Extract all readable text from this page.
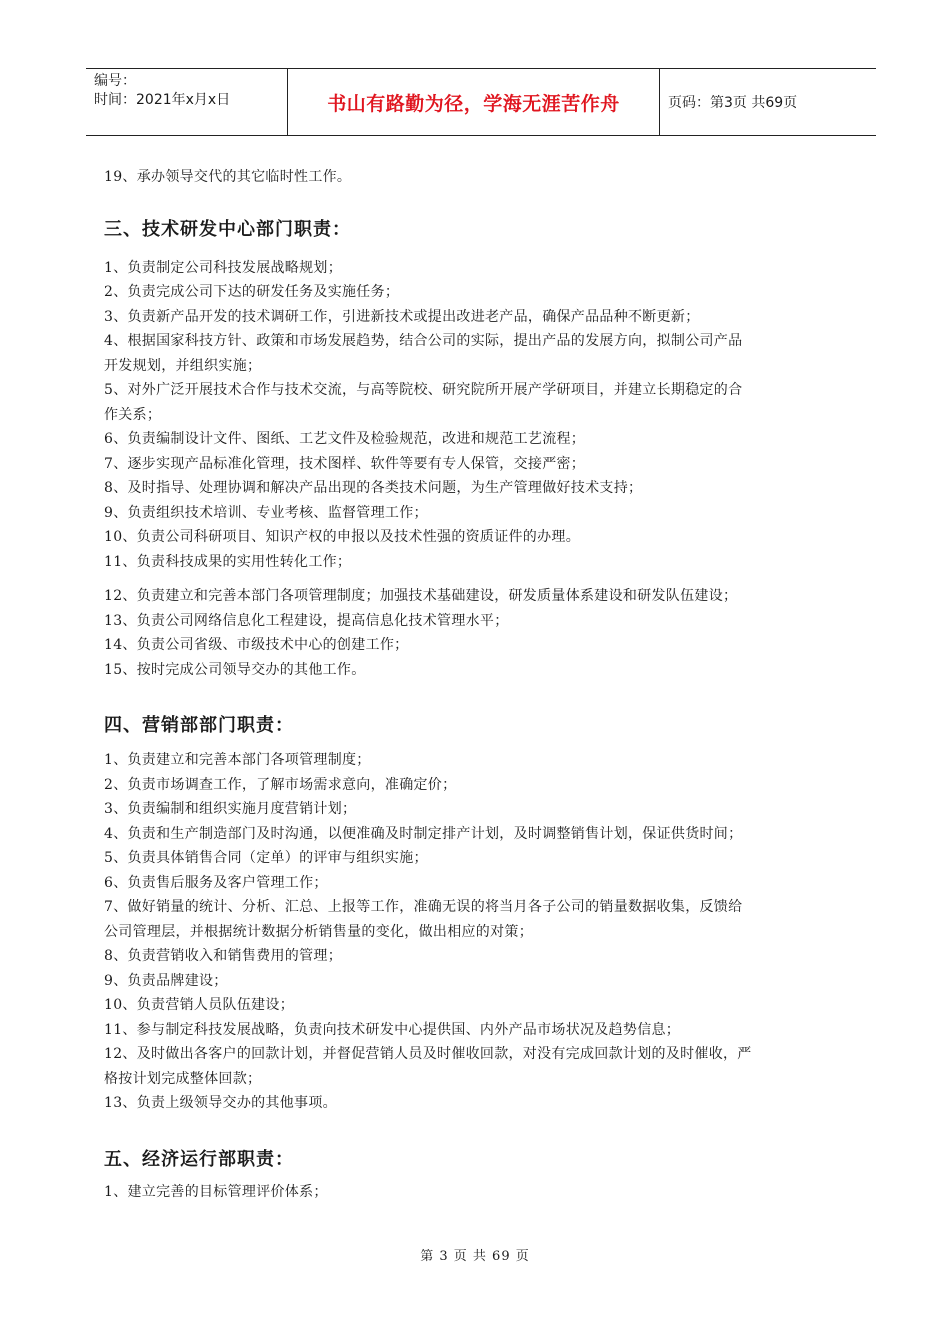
编号：
时间：2021年x月x日	书山有路勤为径，学海无涯苦作舟	页码：第3页 共69页
19、承办领导交代的其它临时性工作。
三、技术研发中心部门职责：
1、负责制定公司科技发展战略规划；
2、负责完成公司下达的研发任务及实施任务；
3、负责新产品开发的技术调研工作，引进新技术或提出改进老产品，确保产品品种不断更新；
4、根据国家科技方针、政策和市场发展趋势，结合公司的实际，提出产品的发展方向，拟制公司产品
开发规划，并组织实施；
5、对外广泛开展技术合作与技术交流，与高等院校、研究院所开展产学研项目，并建立长期稳定的合
作关系；
6、负责编制设计文件、图纸、工艺文件及检验规范，改进和规范工艺流程；
7、逐步实现产品标准化管理，技术图样、软件等要有专人保管，交接严密；
8、及时指导、处理协调和解决产品出现的各类技术问题，为生产管理做好技术支持；
9、负责组织技术培训、专业考核、监督管理工作；
10、负责公司科研项目、知识产权的申报以及技术性强的资质证件的办理。
11、负责科技成果的实用性转化工作；
12、负责建立和完善本部门各项管理制度；加强技术基础建设，研发质量体系建设和研发队伍建设；
13、负责公司网络信息化工程建设，提高信息化技术管理水平；
14、负责公司省级、市级技术中心的创建工作；
15、按时完成公司领导交办的其他工作。
四、营销部部门职责：
1、负责建立和完善本部门各项管理制度；
2、负责市场调查工作，了解市场需求意向，准确定价；
3、负责编制和组织实施月度营销计划；
4、负责和生产制造部门及时沟通，以便准确及时制定排产计划，及时调整销售计划，保证供货时间；
5、负责具体销售合同（定单）的评审与组织实施；
6、负责售后服务及客户管理工作；
7、做好销量的统计、分析、汇总、上报等工作，准确无误的将当月各子公司的销量数据收集，反馈给
公司管理层，并根据统计数据分析销售量的变化，做出相应的对策；
8、负责营销收入和销售费用的管理；
9、负责品牌建设；
10、负责营销人员队伍建设；
11、参与制定科技发展战略，负责向技术研发中心提供国、内外产品市场状况及趋势信息；
12、及时做出各客户的回款计划，并督促营销人员及时催收回款，对没有完成回款计划的及时催收，严
格按计划完成整体回款；
13、负责上级领导交办的其他事项。
五、经济运行部职责：
1、建立完善的目标管理评价体系；
第 3 页 共 69 页
